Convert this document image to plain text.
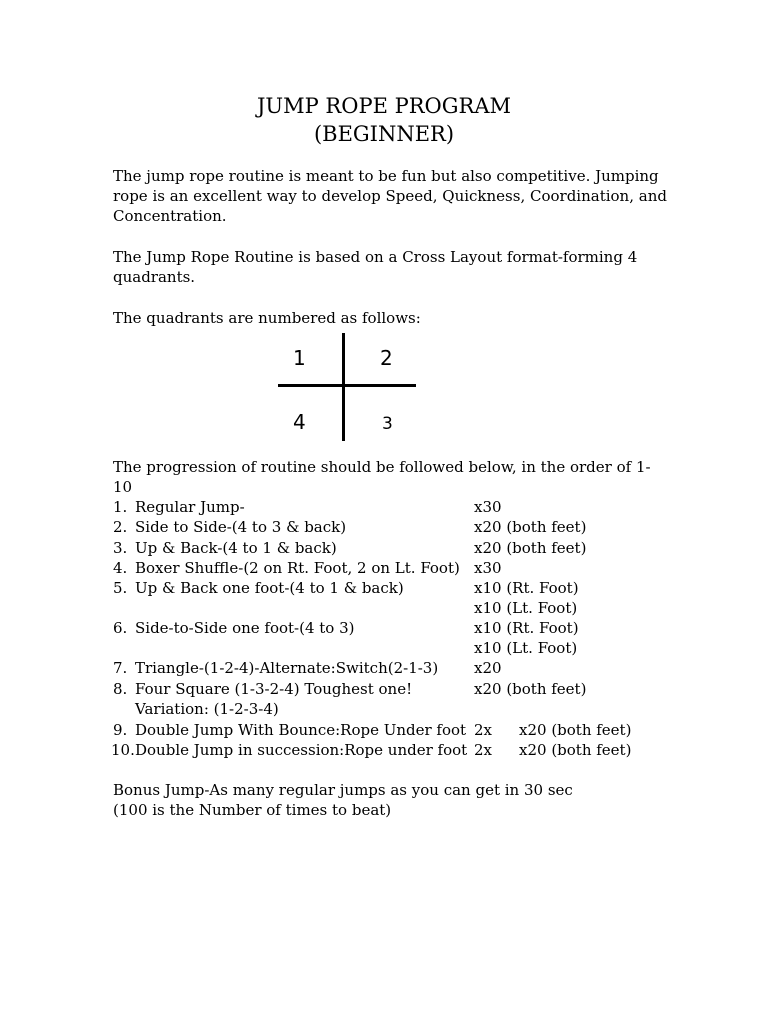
JUMP ROPE PROGRAM
(BEGINNER)
The jump rope routine is meant to be fun but also competitive. Jumping
rope is an excellent way to develop Speed, Quickness, Coordination, and
Concentration.
The Jump Rope Routine is based on a Cross Layout format-forming 4
quadrants.
The quadrants are numbered as follows:
1	2
4	3
The progression of routine should be followed below, in the order of 1-10
1. Regular Jump-	x30
2. Side to Side-(4 to 3 & back)	x20 (both feet)
3. Up & Back-(4 to 1 & back)	x20 (both feet)
4. Boxer Shuffle-(2 on Rt. Foot, 2 on Lt. Foot) x30
5. Up & Back one foot-(4 to 1 & back)	x10 (Rt. Foot)
x10 (Lt. Foot)
6. Side-to-Side one foot-(4 to 3)	x10 (Rt. Foot)
x10 (Lt. Foot)
7. Triangle-(1-2-4)-Alternate:Switch(2-1-3) x20
8. Four Square (1-3-2-4) Toughest one!	x20 (both feet)
Variation: (1-2-3-4)
9. Double Jump With Bounce:Rope Under foot 2x x20 (both feet)
10. Double Jump in succession:Rope under foot 2x x20 (both feet)
Bonus Jump-As many regular jumps as you can get in 30 sec
(100 is the Number of times to beat)
